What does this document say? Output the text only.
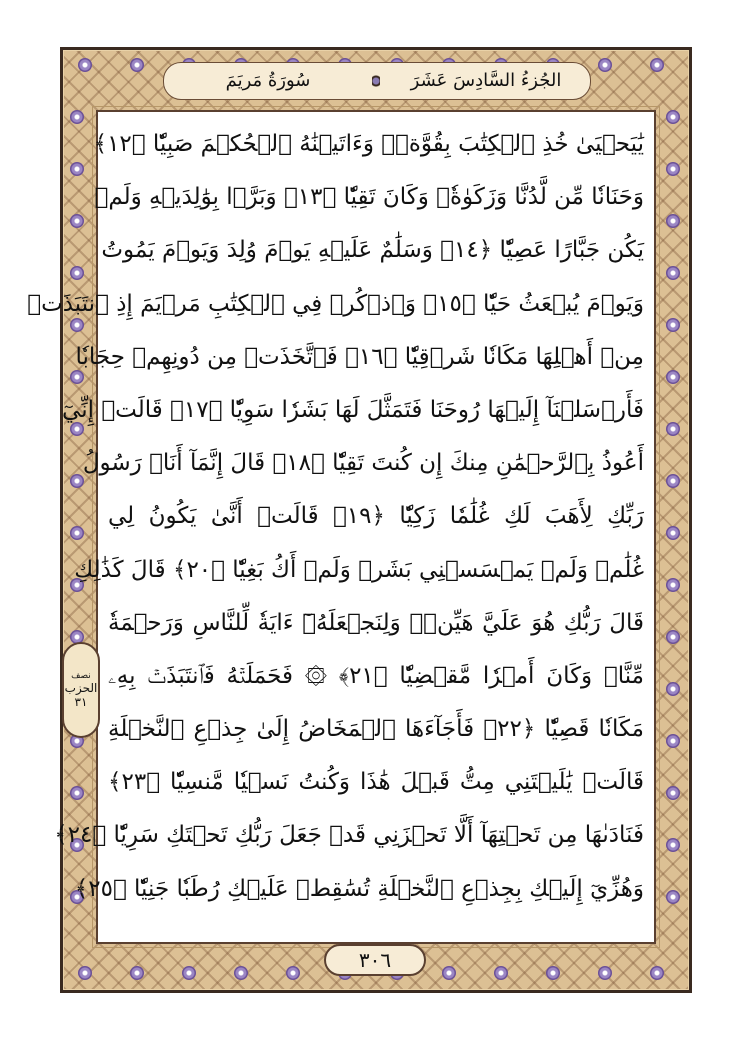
الجُزءُ السَّادِسَ عَشَرَ
سُورَةُ مَريَمَ
يَٰيَحۡيَىٰ خُذِ ٱلۡكِتَٰبَ بِقُوَّةٖۖ وَءَاتَيۡنَٰهُ ٱلۡحُكۡمَ صَبِيّٗا ﴿١٢﴾
وَحَنَانٗا مِّن لَّدُنَّا وَزَكَوٰةٗۖ وَكَانَ تَقِيّٗا ﴿١٣﴾ وَبَرَّۢا بِوَٰلِدَيۡهِ وَلَمۡ
يَكُن جَبَّارًا عَصِيّٗا ﴿١٤﴾ وَسَلَٰمٌ عَلَيۡهِ يَوۡمَ وُلِدَ وَيَوۡمَ يَمُوتُ
وَيَوۡمَ يُبۡعَثُ حَيّٗا ﴿١٥﴾ وَٱذۡكُرۡ فِي ٱلۡكِتَٰبِ مَرۡيَمَ إِذِ ٱنتَبَذَتۡ
مِنۡ أَهۡلِهَا مَكَانٗا شَرۡقِيّٗا ﴿١٦﴾ فَٱتَّخَذَتۡ مِن دُونِهِمۡ حِجَابٗا
فَأَرۡسَلۡنَآ إِلَيۡهَا رُوحَنَا فَتَمَثَّلَ لَهَا بَشَرٗا سَوِيّٗا ﴿١٧﴾ قَالَتۡ إِنِّيٓ
أَعُوذُ بِٱلرَّحۡمَٰنِ مِنكَ إِن كُنتَ تَقِيّٗا ﴿١٨﴾ قَالَ إِنَّمَآ أَنَا۠ رَسُولُ
رَبِّكِ لِأَهَبَ لَكِ غُلَٰمٗا زَكِيّٗا ﴿١٩﴾ قَالَتۡ أَنَّىٰ يَكُونُ لِي
غُلَٰمٞ وَلَمۡ يَمۡسَسۡنِي بَشَرٞ وَلَمۡ أَكُ بَغِيّٗا ﴿٢٠﴾ قَالَ كَذَٰلِكِ
قَالَ رَبُّكِ هُوَ عَلَيَّ هَيِّنٞۖ وَلِنَجۡعَلَهُۥٓ ءَايَةٗ لِّلنَّاسِ وَرَحۡمَةٗ
مِّنَّاۚ وَكَانَ أَمۡرٗا مَّقۡضِيّٗا ﴿٢١﴾ ۞ فَحَمَلَتۡهُ فَٱنتَبَذَتۡ بِهِۦ
مَكَانٗا قَصِيّٗا ﴿٢٢﴾ فَأَجَآءَهَا ٱلۡمَخَاضُ إِلَىٰ جِذۡعِ ٱلنَّخۡلَةِ
قَالَتۡ يَٰلَيۡتَنِي مِتُّ قَبۡلَ هَٰذَا وَكُنتُ نَسۡيٗا مَّنسِيّٗا ﴿٢٣﴾
فَنَادَىٰهَا مِن تَحۡتِهَآ أَلَّا تَحۡزَنِي قَدۡ جَعَلَ رَبُّكِ تَحۡتَكِ سَرِيّٗا ﴿٢٤﴾
وَهُزِّيٓ إِلَيۡكِ بِجِذۡعِ ٱلنَّخۡلَةِ تُسَٰقِطۡ عَلَيۡكِ رُطَبٗا جَنِيّٗا ﴿٢٥﴾
نصف
الحزب
٣١
٣٠٦
